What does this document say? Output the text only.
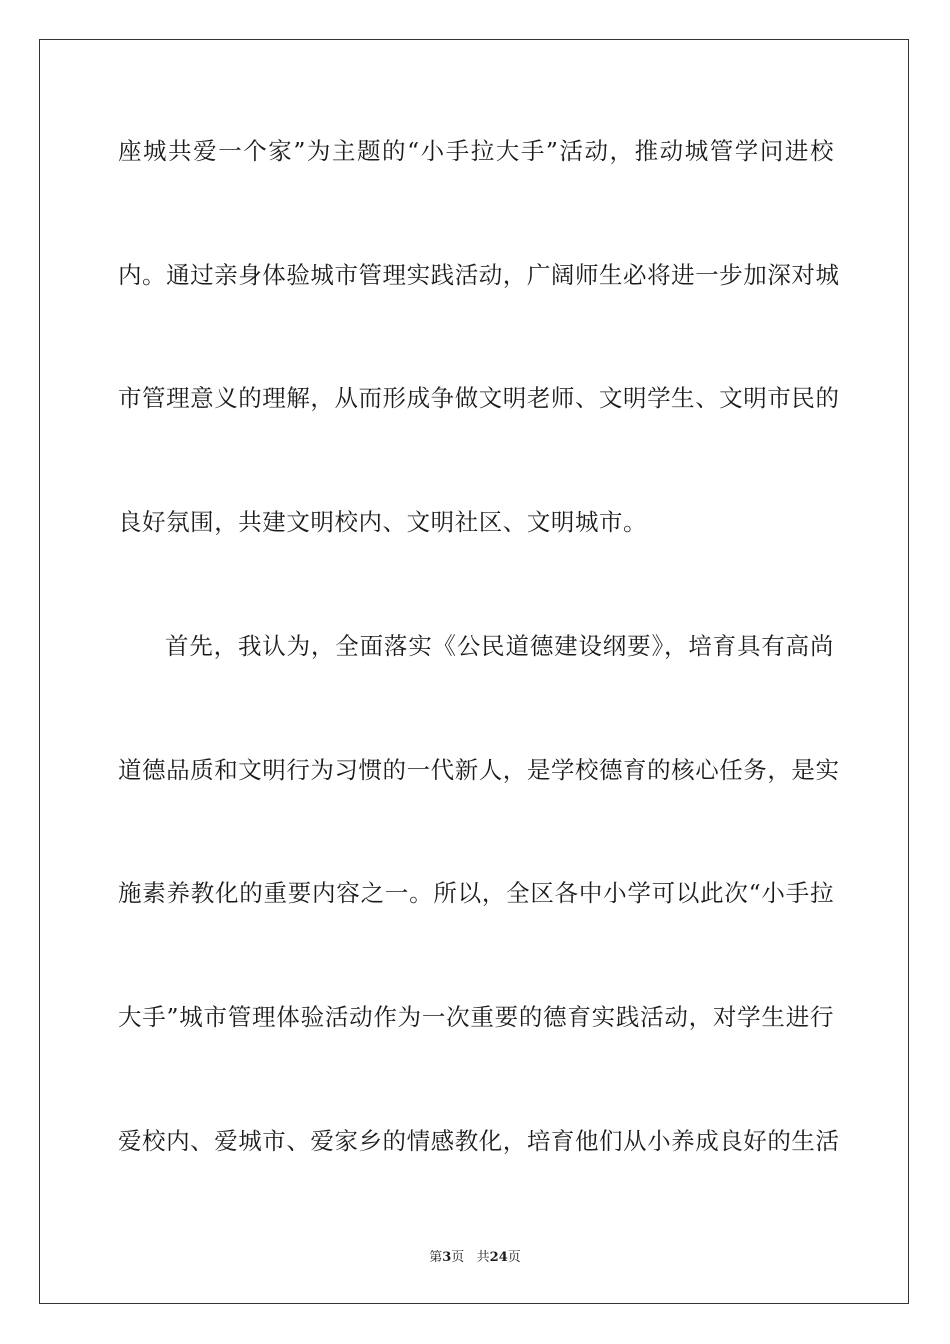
座城共爱一个家”为主题的“小手拉大手”活动，推动城管学问进校
内。通过亲身体验城市管理实践活动，广阔师生必将进一步加深对城
市管理意义的理解，从而形成争做文明老师、文明学生、文明市民的
良好氛围，共建文明校内、文明社区、文明城市。
首先，我认为，全面落实《公民道德建设纲要》，培育具有高尚
道德品质和文明行为习惯的一代新人，是学校德育的核心任务，是实
施素养教化的重要内容之一。所以，全区各中小学可以此次“小手拉
大手”城市管理体验活动作为一次重要的德育实践活动，对学生进行
爱校内、爱城市、爱家乡的情感教化，培育他们从小养成良好的生活
第3页   共24页
